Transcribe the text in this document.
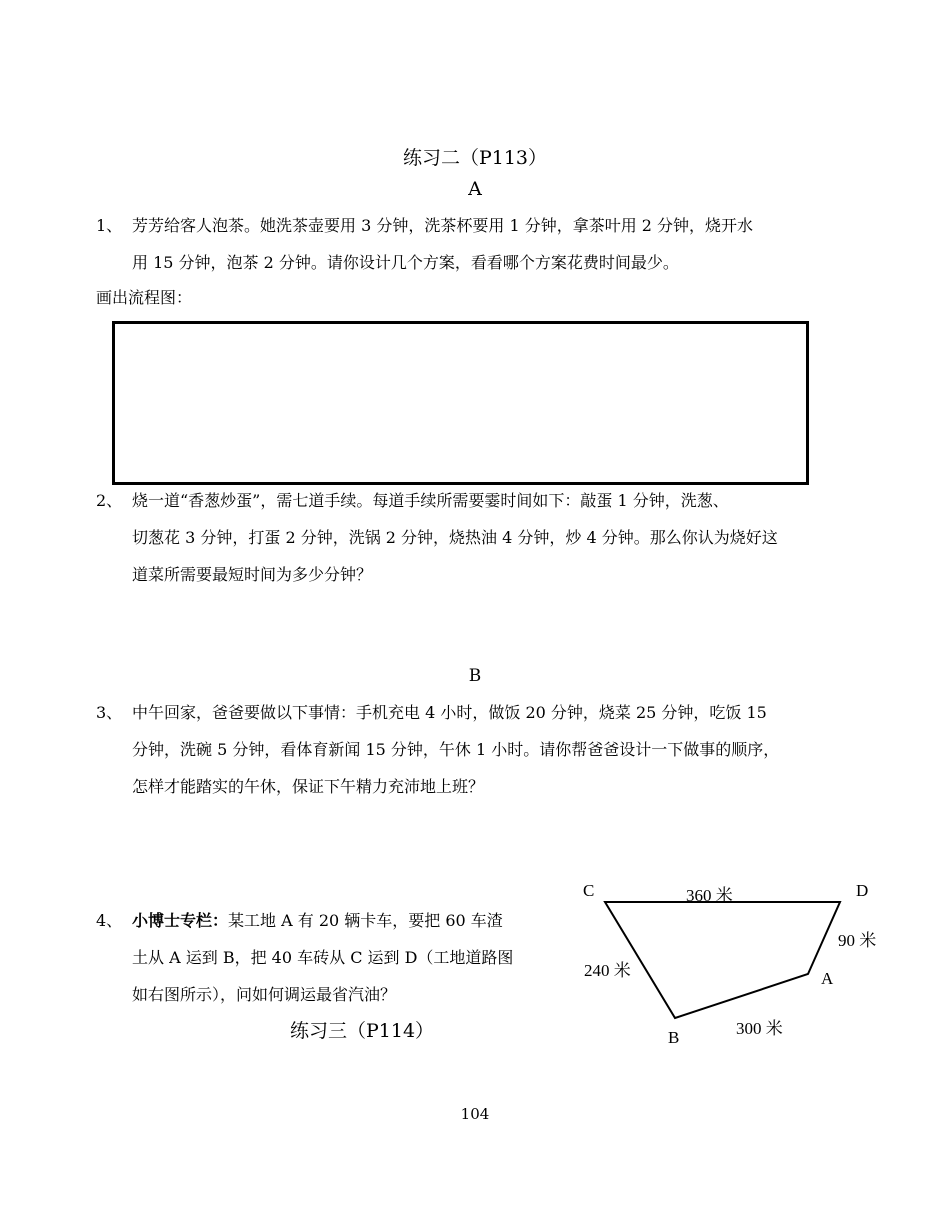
练习二（P113）
A
1、 芳芳给客人泡茶。她洗茶壶要用 3 分钟，洗茶杯要用 1 分钟，拿茶叶用 2 分钟，烧开水
用 15 分钟，泡茶 2 分钟。请你设计几个方案，看看哪个方案花费时间最少。
画出流程图：
2、 烧一道“香葱炒蛋”，需七道手续。每道手续所需要霎时间如下：敲蛋 1 分钟，洗葱、
切葱花 3 分钟，打蛋 2 分钟，洗锅 2 分钟，烧热油 4 分钟，炒 4 分钟。那么你认为烧好这
道菜所需要最短时间为多少分钟？
B
3、 中午回家，爸爸要做以下事情：手机充电 4 小时，做饭 20 分钟，烧菜 25 分钟，吃饭 15
分钟，洗碗 5 分钟，看体育新闻 15 分钟，午休 1 小时。请你帮爸爸设计一下做事的顺序，
怎样才能踏实的午休，保证下午精力充沛地上班？
4、 小博士专栏：某工地 A 有 20 辆卡车，要把 60 车渣
土从 A 运到 B，把 40 车砖从 C 运到 D（工地道路图
如右图所示），问如何调运最省汽油？
练习三（P114）
C	D
A
B
360 米
90 米
240 米
300 米
104
